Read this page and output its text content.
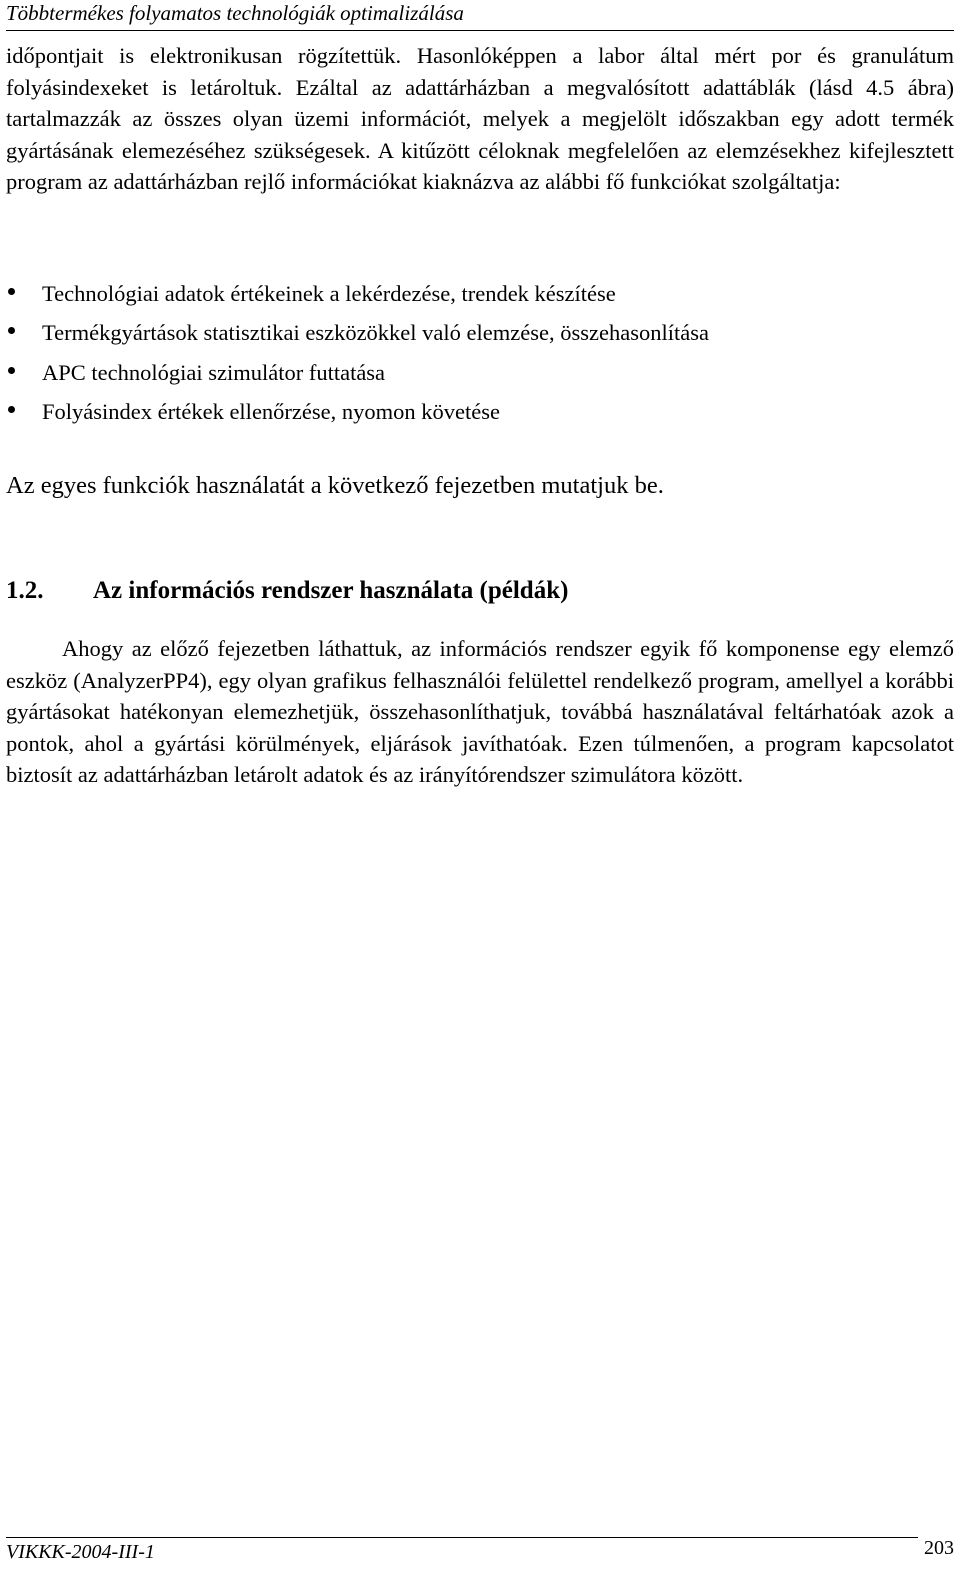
Többtermékes folyamatos technológiák optimalizálása

időpontjait is elektronikusan rögzítettük. Hasonlóképpen a labor által mért por és granulátum folyásindexeket is letároltuk. Ezáltal az adattárházban a megvalósított adattáblák (lásd 4.5 ábra) tartalmazzák az összes olyan üzemi információt, melyek a megjelölt időszakban egy adott termék gyártásának elemezéséhez szükségesek. A kitűzött céloknak megfelelően az elemzésekhez kifejlesztett program az adattárházban rejlő információkat kiaknázva az alábbi fő funkciókat szolgáltatja:

Technológiai adatok értékeinek a lekérdezése, trendek készítése
Termékgyártások statisztikai eszközökkel való elemzése, összehasonlítása
APC technológiai szimulátor futtatása
Folyásindex értékek ellenőrzése, nyomon követése
Az egyes funkciók használatát a következő fejezetben mutatjuk be.
1.2. Az információs rendszer használata (példák)

Ahogy az előző fejezetben láthattuk, az információs rendszer egyik fő komponense egy elemző eszköz (AnalyzerPP4), egy olyan grafikus felhasználói felülettel rendelkező program, amellyel a korábbi gyártásokat hatékonyan elemezhetjük, összehasonlíthatjuk, továbbá használatával feltárhatóak azok a pontok, ahol a gyártási körülmények, eljárások javíthatóak. Ezen túlmenően, a program kapcsolatot biztosít az adattárházban letárolt adatok és az irányítórendszer szimulátora között.

VIKKK-2004-III-1	203
